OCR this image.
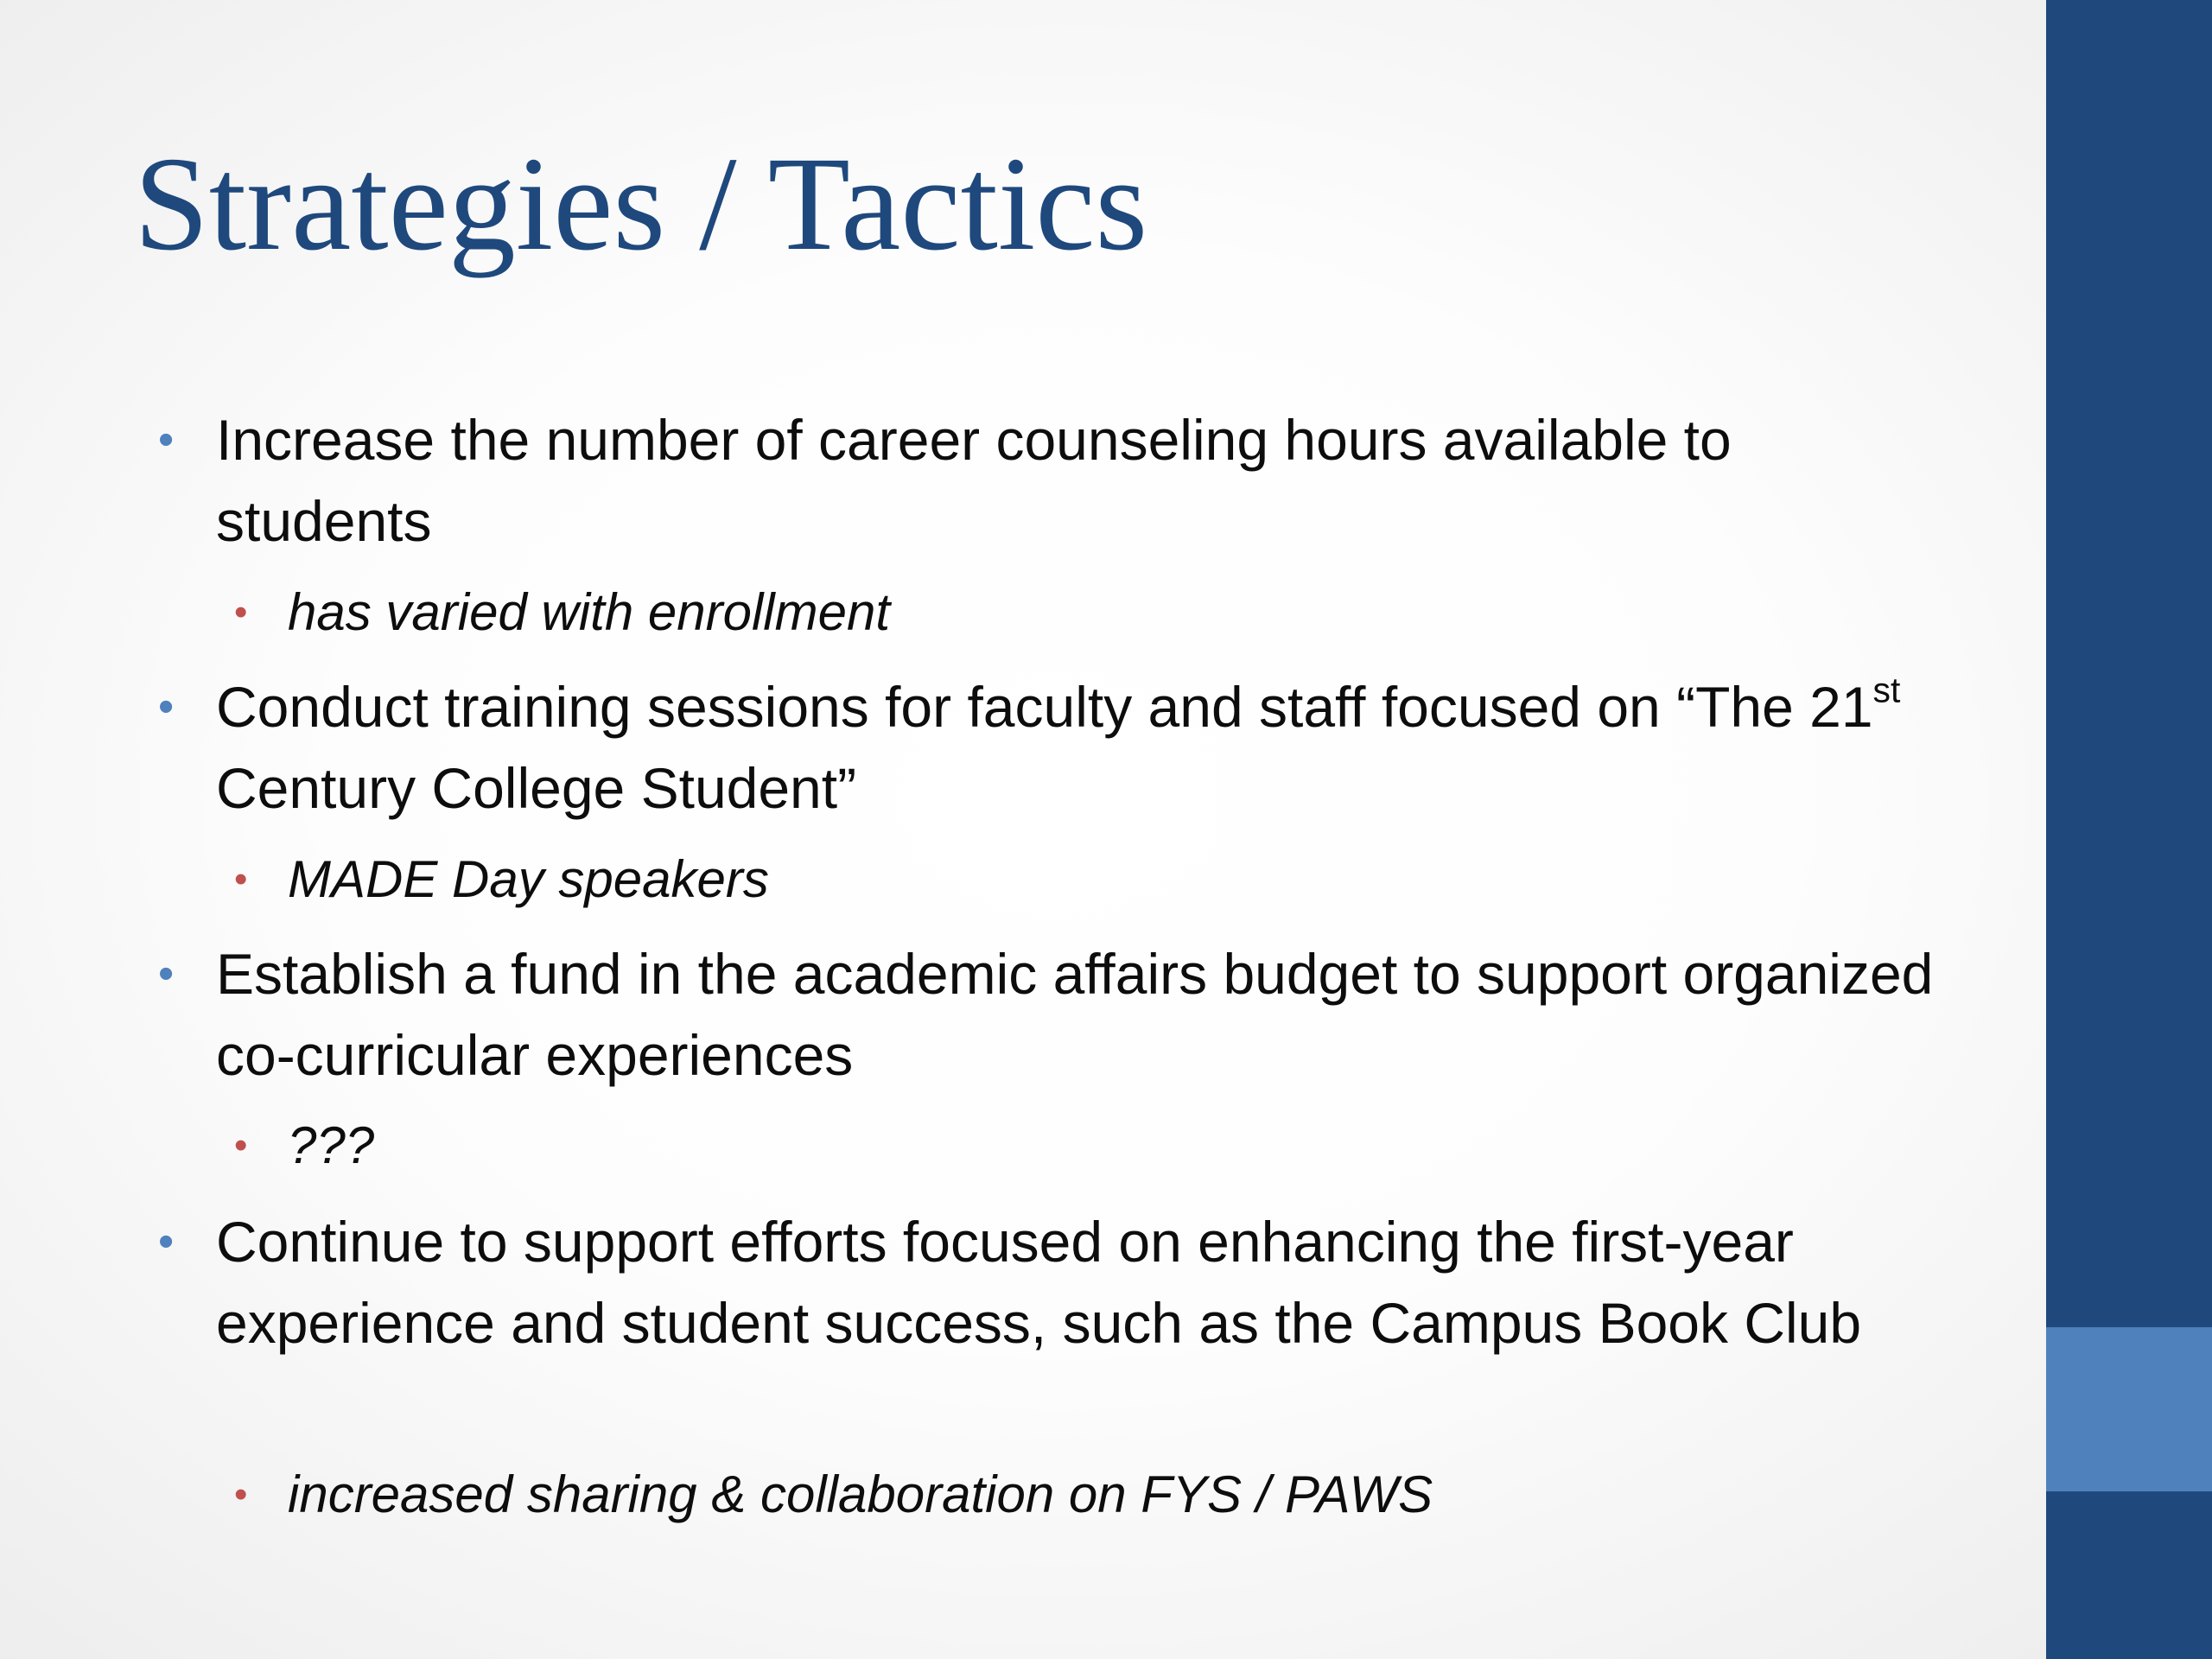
Strategies / Tactics
• Increase the number of career counseling hours available to students
• has varied with enrollment
• Conduct training sessions for faculty and staff focused on “The 21st Century College Student”
• MADE Day speakers
• Establish a fund in the academic affairs budget to support organized co-curricular experiences
• ???
• Continue to support efforts focused on enhancing the first-year experience and student success, such as the Campus Book Club
• increased sharing & collaboration on FYS / PAWS
